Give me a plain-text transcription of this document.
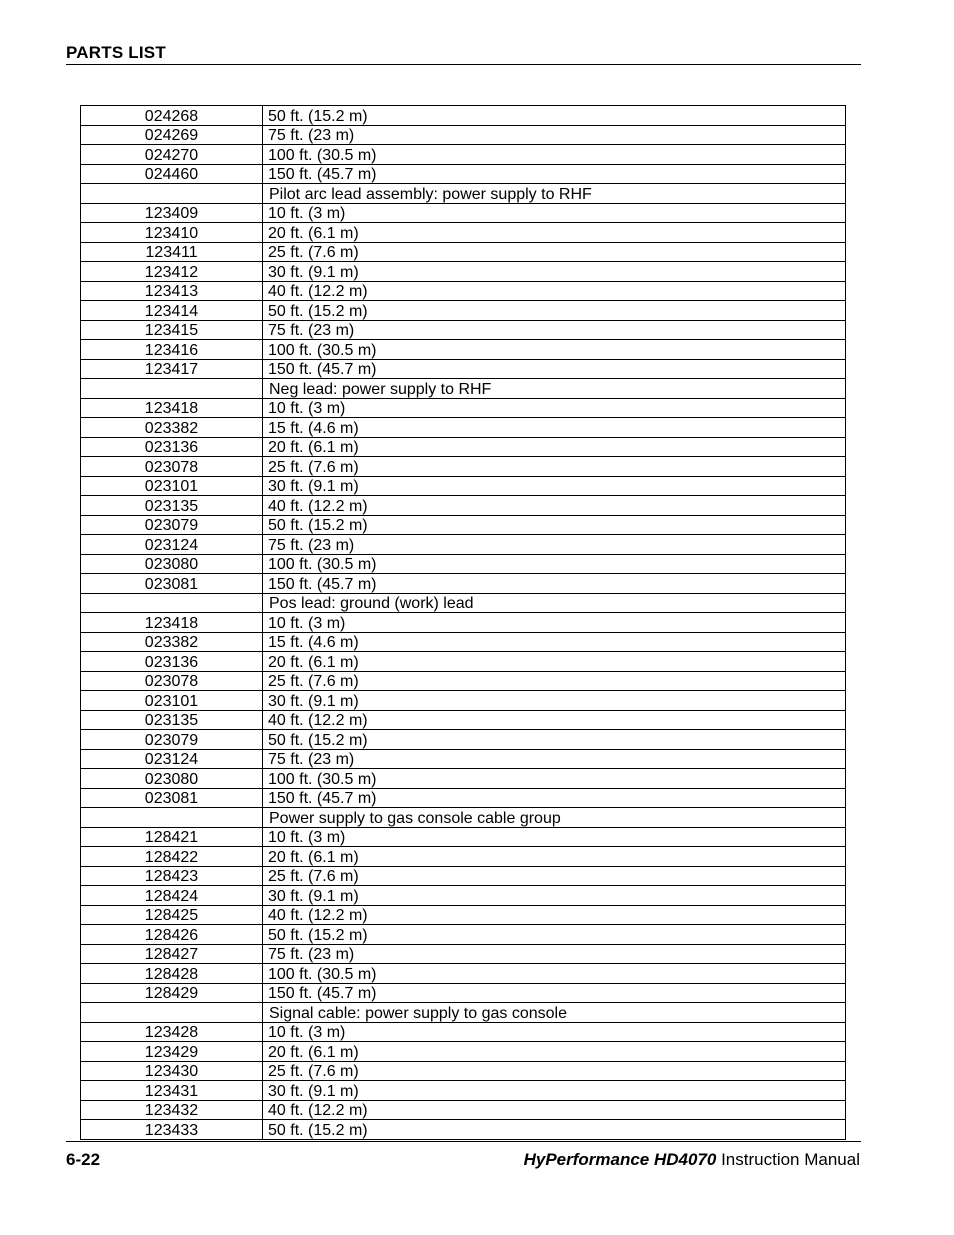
PARTS LIST
024268	50 ft. (15.2 m)
024269	75 ft. (23 m)
024270	100 ft. (30.5 m)
024460	150 ft. (45.7 m)
	Pilot arc lead assembly: power supply to RHF
123409	10 ft. (3 m)
123410	20 ft. (6.1 m)
123411	25 ft. (7.6 m)
123412	30 ft. (9.1 m)
123413	40 ft. (12.2 m)
123414	50 ft. (15.2 m)
123415	75 ft. (23 m)
123416	100 ft. (30.5 m)
123417	150 ft. (45.7 m)
	Neg lead: power supply to RHF
123418	10 ft. (3 m)
023382	15 ft. (4.6 m)
023136	20 ft. (6.1 m)
023078	25 ft. (7.6 m)
023101	30 ft. (9.1 m)
023135	40 ft. (12.2 m)
023079	50 ft. (15.2 m)
023124	75 ft. (23 m)
023080	100 ft. (30.5 m)
023081	150 ft. (45.7 m)
	Pos lead: ground (work) lead
123418	10 ft. (3 m)
023382	15 ft. (4.6 m)
023136	20 ft. (6.1 m)
023078	25 ft. (7.6 m)
023101	30 ft. (9.1 m)
023135	40 ft. (12.2 m)
023079	50 ft. (15.2 m)
023124	75 ft. (23 m)
023080	100 ft. (30.5 m)
023081	150 ft. (45.7 m)
	Power supply to gas console cable group
128421	10 ft. (3 m)
128422	20 ft. (6.1 m)
128423	25 ft. (7.6 m)
128424	30 ft. (9.1 m)
128425	40 ft. (12.2 m)
128426	50 ft. (15.2 m)
128427	75 ft. (23 m)
128428	100 ft. (30.5 m)
128429	150 ft. (45.7 m)
	Signal cable: power supply to gas console
123428	10 ft. (3 m)
123429	20 ft. (6.1 m)
123430	25 ft. (7.6 m)
123431	30 ft. (9.1 m)
123432	40 ft. (12.2 m)
123433	50 ft. (15.2 m)
6-22	HyPerformance HD4070 Instruction Manual
